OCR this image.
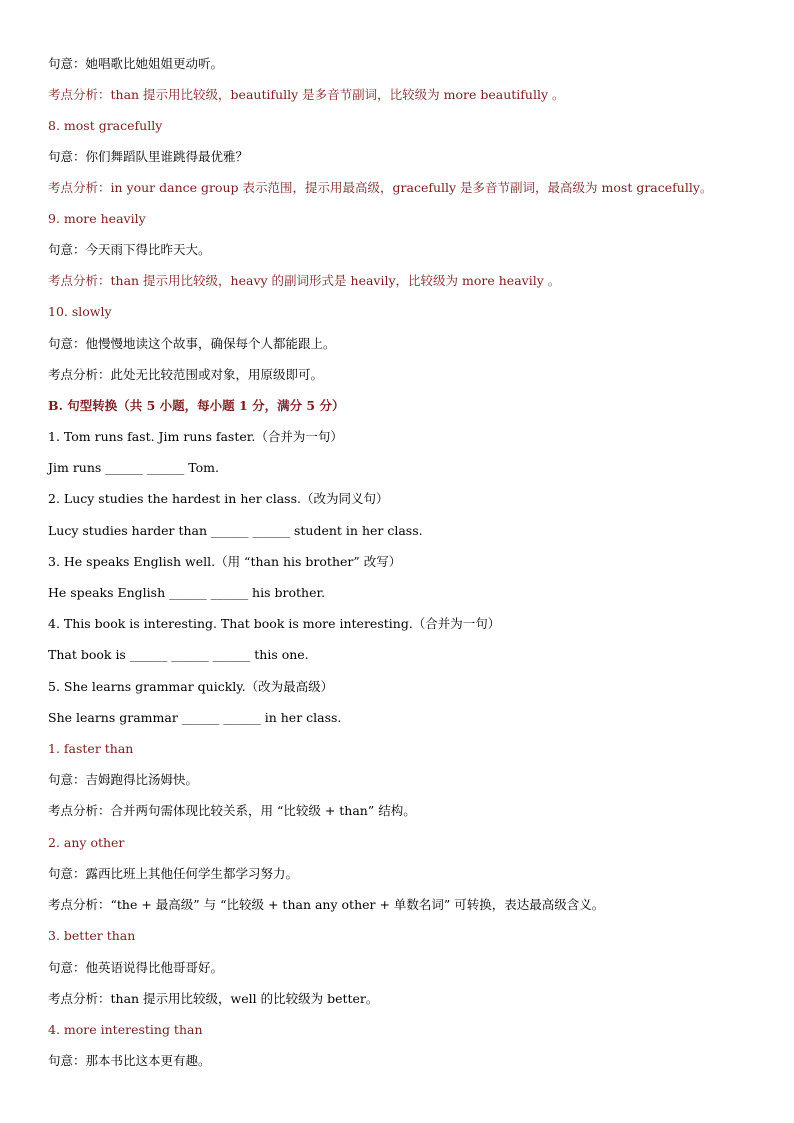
句意：她唱歌比她姐姐更动听。
考点分析：than 提示用比较级，beautifully 是多音节副词，比较级为 more beautifully 。
8. most gracefully
句意：你们舞蹈队里谁跳得最优雅？
考点分析：in your dance group 表示范围，提示用最高级，gracefully 是多音节副词，最高级为 most gracefully。
9. more heavily
句意：今天雨下得比昨天大。
考点分析：than 提示用比较级，heavy 的副词形式是 heavily，比较级为 more heavily 。
10. slowly
句意：他慢慢地读这个故事，确保每个人都能跟上。
考点分析：此处无比较范围或对象，用原级即可。
B. 句型转换（共 5 小题，每小题 1 分，满分 5 分）
1. Tom runs fast. Jim runs faster.（合并为一句）
Jim runs ______ ______ Tom.
2. Lucy studies the hardest in her class.（改为同义句）
Lucy studies harder than ______ ______ student in her class.
3. He speaks English well.（用 “than his brother” 改写）
He speaks English ______ ______ his brother.
4. This book is interesting. That book is more interesting.（合并为一句）
That book is ______ ______ ______ this one.
5. She learns grammar quickly.（改为最高级）
She learns grammar ______ ______ in her class.
1. faster than
句意：吉姆跑得比汤姆快。
考点分析：合并两句需体现比较关系，用 “比较级 + than” 结构。
2. any other
句意：露西比班上其他任何学生都学习努力。
考点分析：“the + 最高级” 与 “比较级 + than any other + 单数名词” 可转换，表达最高级含义。
3. better than
句意：他英语说得比他哥哥好。
考点分析：than 提示用比较级，well 的比较级为 better。
4. more interesting than
句意：那本书比这本更有趣。
